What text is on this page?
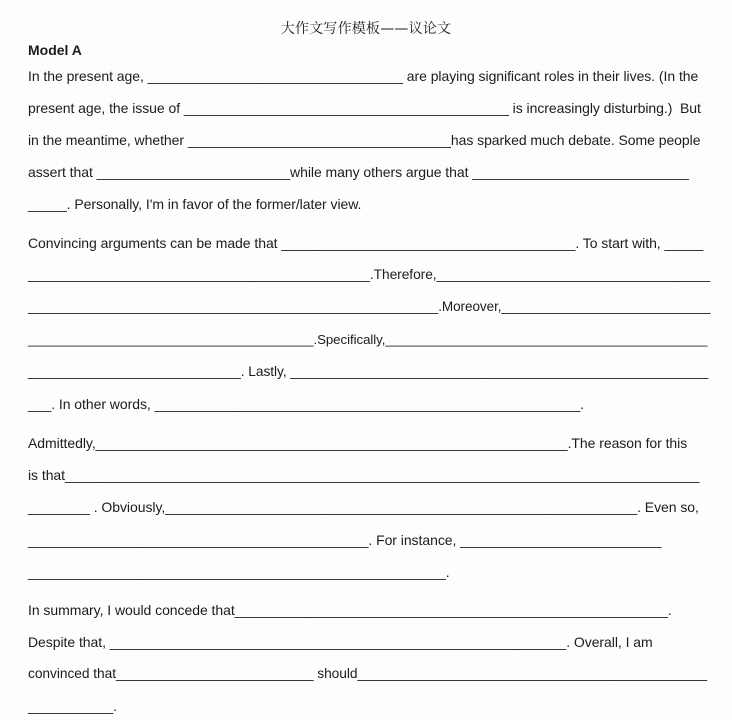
大作文写作模板——议论文
Model A
In the present age, _________________________________ are playing significant roles in their lives. (In the
present age, the issue of __________________________________________ is increasingly disturbing.)  But
in the meantime, whether __________________________________has sparked much debate. Some people
assert that _________________________while many others argue that ____________________________
_____. Personally, I'm in favor of the former/later view.
Convincing arguments can be made that ______________________________________. To start with, _____
_____________________________________________.Therefore,____________________________________
_______________________________________________________.Moreover,____________________________
_______________________________________.Specifically,____________________________________________
____________________________. Lastly, _______________________________________________________
___. In other words, _______________________________________________________.
Admittedly,_____________________________________________________________.The reason for this
is that__________________________________________________________________________________
________ . Obviously,_____________________________________________________________. Even so,
____________________________________________. For instance, __________________________
______________________________________________________.
In summary, I would concede that________________________________________________________.
Despite that, ___________________________________________________________. Overall, I am
convinced that__________________________ should______________________________________________
___________.
